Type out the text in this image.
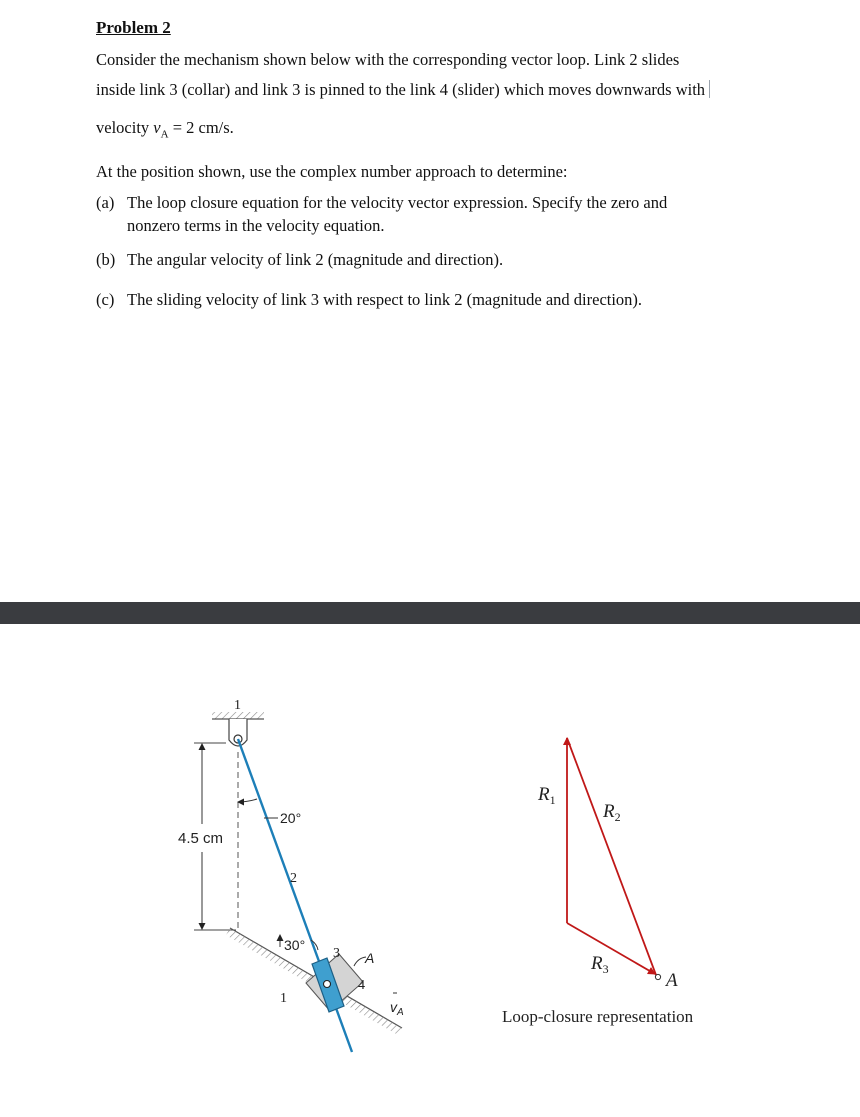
Problem 2
Consider the mechanism shown below with the corresponding vector loop. Link 2 slides
inside link 3 (collar) and link 3 is pinned to the link 4 (slider) which moves downwards with
velocity $v_A = 2$ cm/s.
At the position shown, use the complex number approach to determine:
(a) The loop closure equation for the velocity vector expression. Specify the zero and
nonzero terms in the velocity equation.
(b) The angular velocity of link 2 (magnitude and direction).
(c) The sliding velocity of link 3 with respect to link 2 (magnitude and direction).
1
4.5 cm
1
2
20°
4
3 A
30°
$v_A$
$R_1$
$R_2$
$R_3$
A
Loop-closure representation
